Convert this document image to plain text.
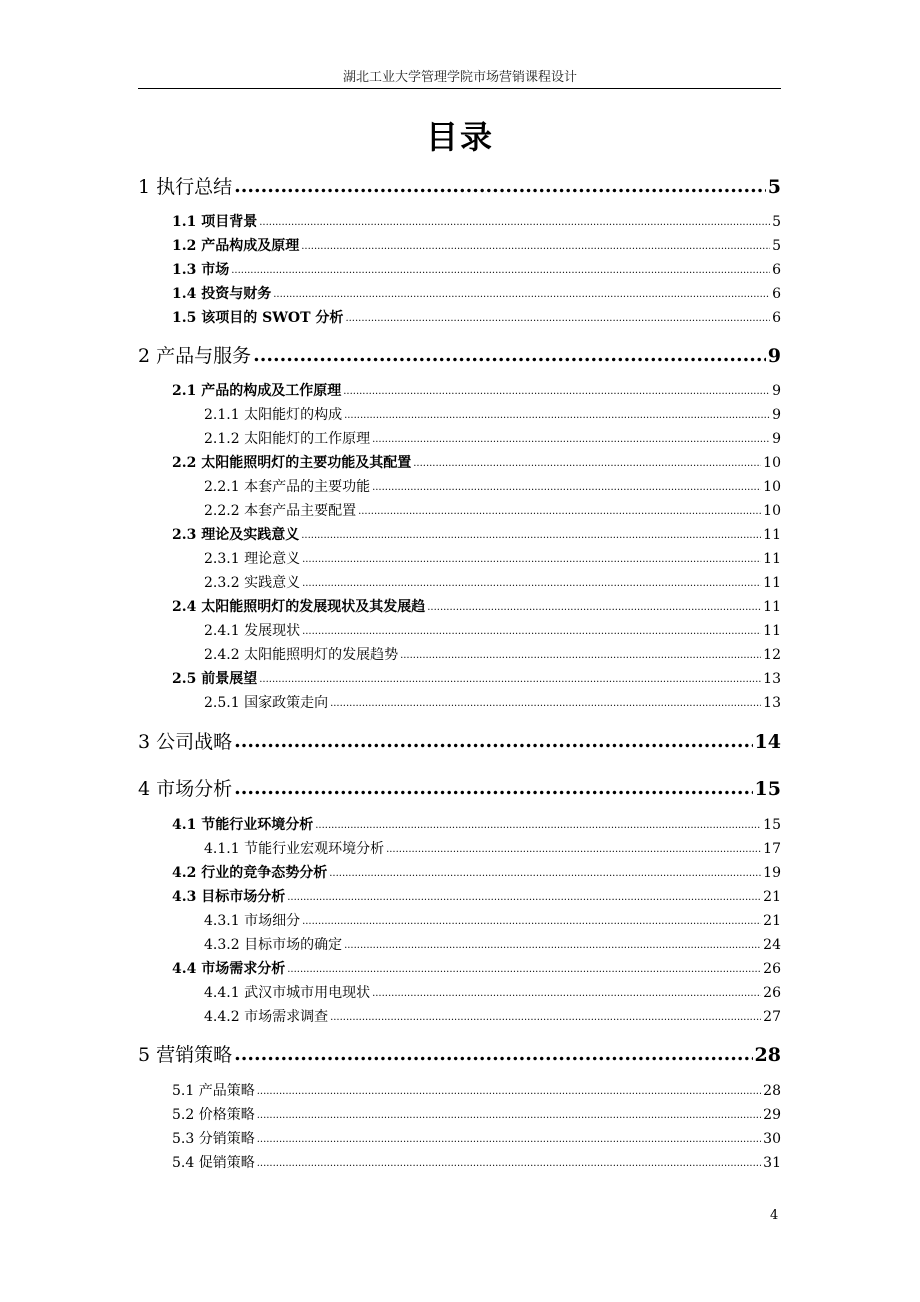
湖北工业大学管理学院市场营销课程设计
目录
1 执行总结 .....	5
1.1 项目背景 .....	5
1.2 产品构成及原理 .....	5
1.3 市场 .....	6
1.4 投资与财务 .....	6
1.5 该项目的 SWOT 分析 .....	6
2 产品与服务 .....	9
2.1 产品的构成及工作原理 .....	9
2.1.1 太阳能灯的构成 .....	9
2.1.2 太阳能灯的工作原理 .....	9
2.2 太阳能照明灯的主要功能及其配置 .....	10
2.2.1 本套产品的主要功能 .....	10
2.2.2 本套产品主要配置 .....	10
2.3 理论及实践意义 .....	11
2.3.1 理论意义 .....	11
2.3.2 实践意义 .....	11
2.4 太阳能照明灯的发展现状及其发展趋 .....	11
2.4.1 发展现状 .....	11
2.4.2 太阳能照明灯的发展趋势 .....	12
2.5 前景展望 .....	13
2.5.1 国家政策走向 .....	13
3 公司战略 .....	14
4 市场分析 .....	15
4.1 节能行业环境分析 .....	15
4.1.1 节能行业宏观环境分析 .....	17
4.2 行业的竞争态势分析 .....	19
4.3 目标市场分析 .....	21
4.3.1 市场细分 .....	21
4.3.2 目标市场的确定 .....	24
4.4 市场需求分析 .....	26
4.4.1 武汉市城市用电现状 .....	26
4.4.2 市场需求调查 .....	27
5 营销策略 .....	28
5.1 产品策略 .....	28
5.2 价格策略 .....	29
5.3 分销策略 .....	30
5.4 促销策略 .....	31
4
